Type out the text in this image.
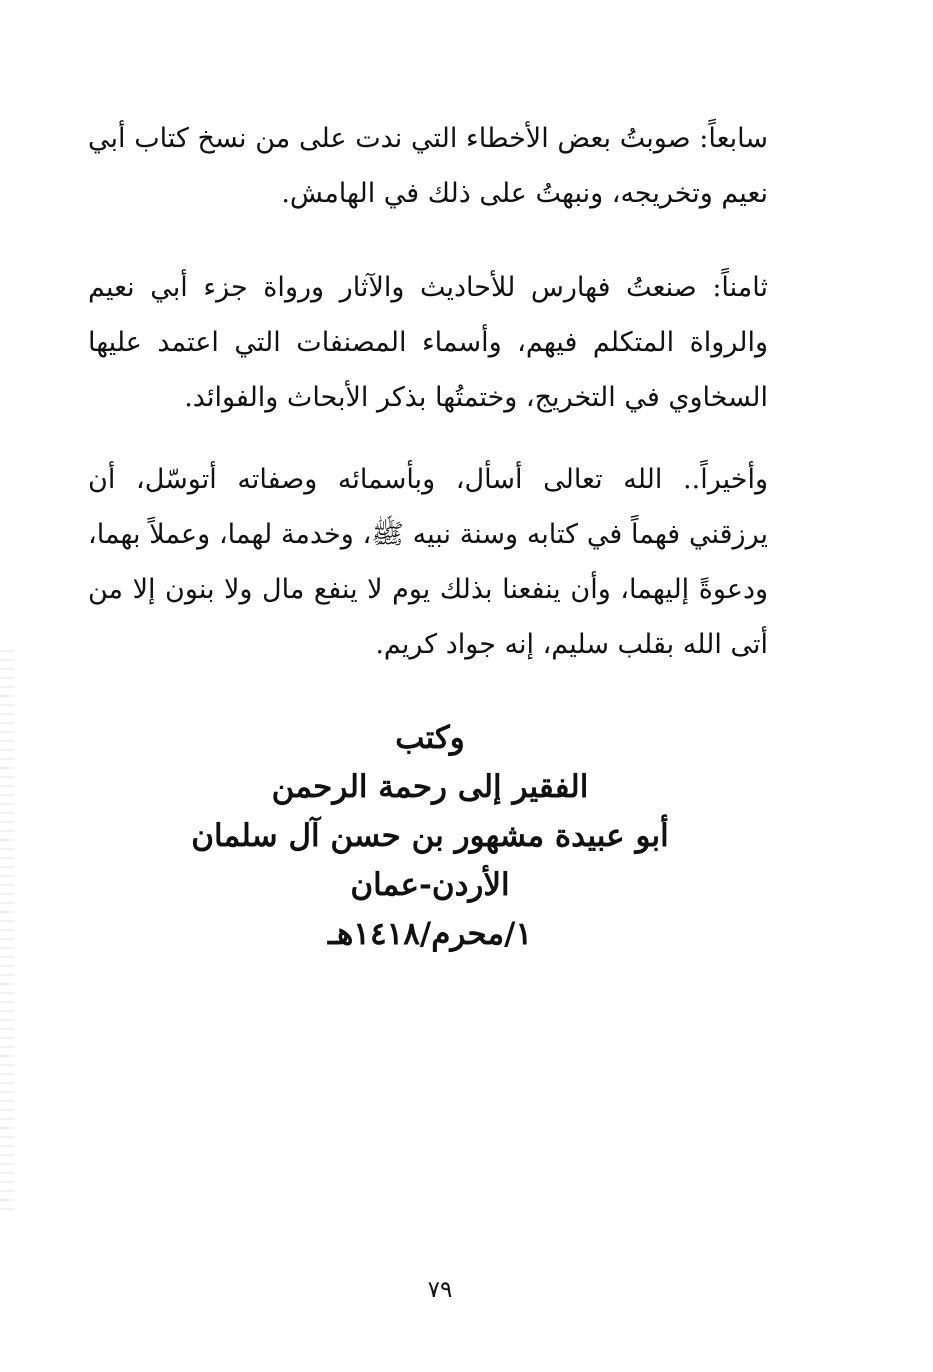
سابعاً: صوبتُ بعض الأخطاء التي ندت على من نسخ كتاب أبي نعيم وتخريجه، ونبهتُ على ذلك في الهامش.

ثامناً: صنعتُ فهارس للأحاديث والآثار ورواة جزء أبي نعيم والرواة المتكلم فيهم، وأسماء المصنفات التي اعتمد عليها السخاوي في التخريج، وختمتُها بذكر الأبحاث والفوائد.

وأخيراً.. الله تعالى أسأل، وبأسمائه وصفاته أتوسّل، أن يرزقني فهماً في كتابه وسنة نبيه ﷺ، وخدمة لهما، وعملاً بهما، ودعوةً إليهما، وأن ينفعنا بذلك يوم لا ينفع مال ولا بنون إلا من أتى الله بقلب سليم، إنه جواد كريم.

وكتب
الفقير إلى رحمة الرحمن
أبو عبيدة مشهور بن حسن آل سلمان
الأردن-عمان
١/محرم/١٤١٨هـ
٧٩
